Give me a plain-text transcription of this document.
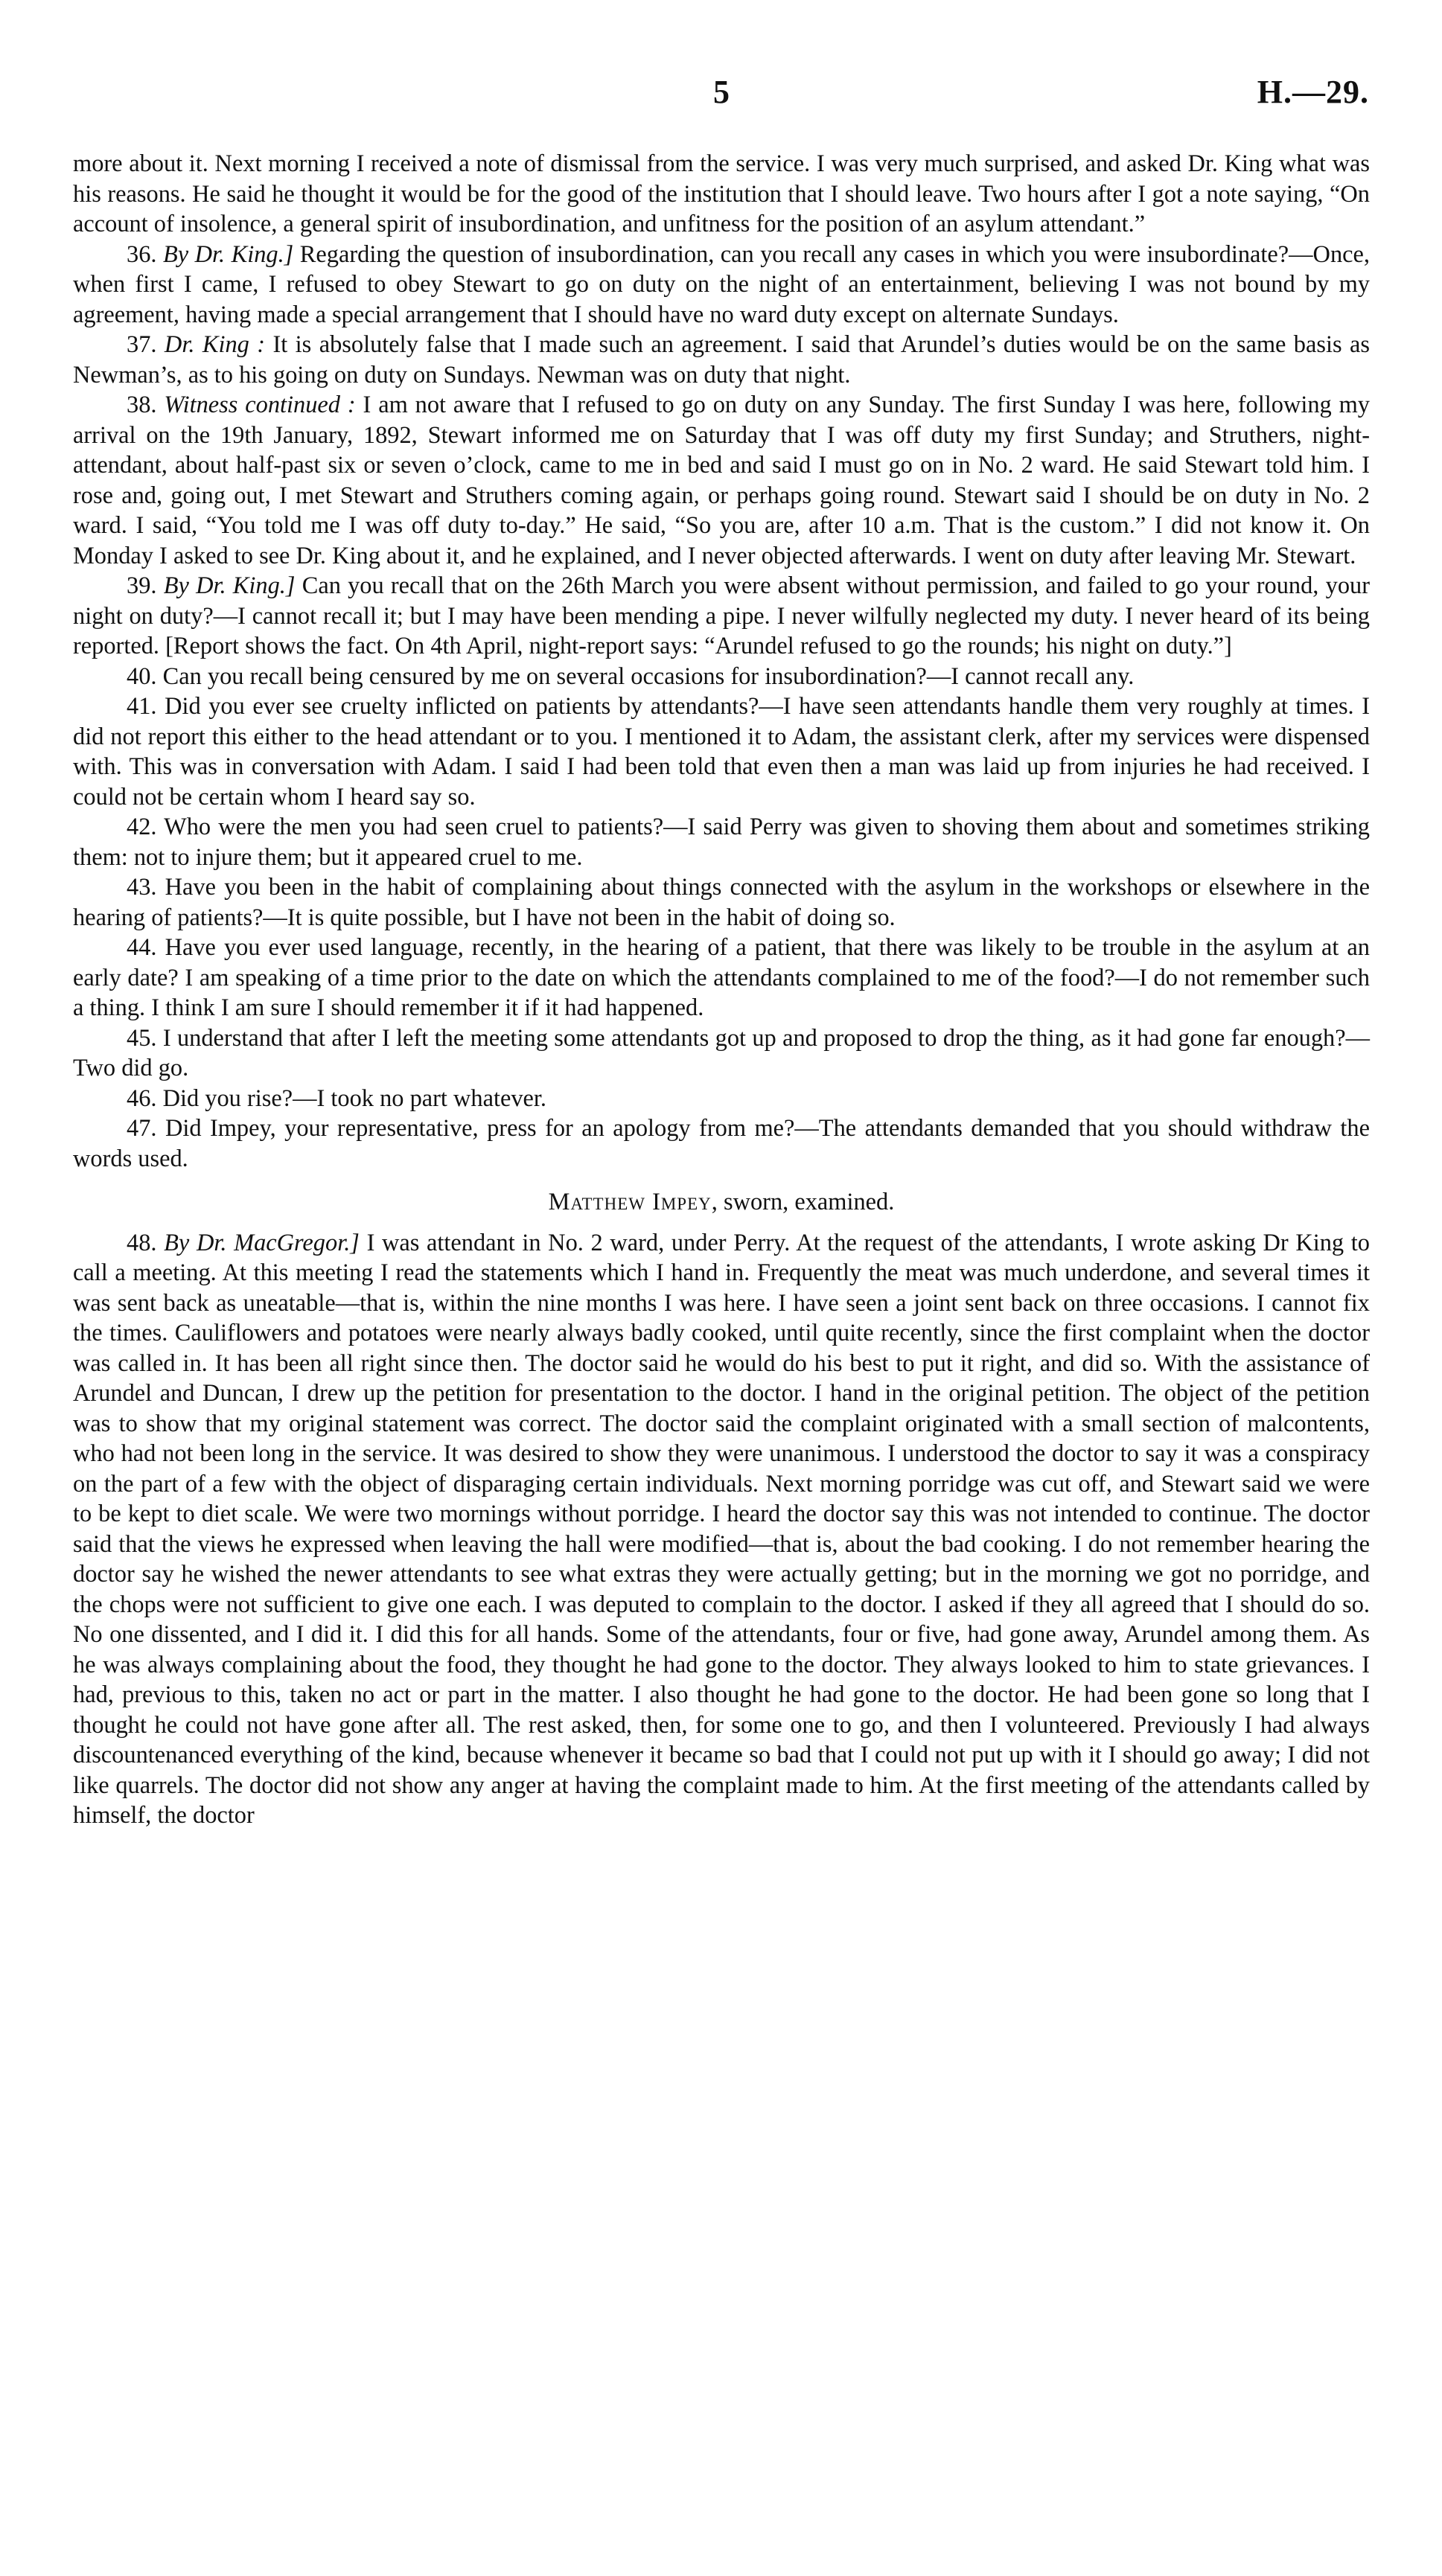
5	H.—29.

more about it. Next morning I received a note of dismissal from the service. I was very much surprised, and asked Dr. King what was his reasons. He said he thought it would be for the good of the institution that I should leave. Two hours after I got a note saying, “On account of insolence, a general spirit of insubordination, and unfitness for the position of an asylum attendant.”

36. By Dr. King.] Regarding the question of insubordination, can you recall any cases in which you were insubordinate?—Once, when first I came, I refused to obey Stewart to go on duty on the night of an entertainment, believing I was not bound by my agreement, having made a special arrangement that I should have no ward duty except on alternate Sundays.

37. Dr. King : It is absolutely false that I made such an agreement. I said that Arundel’s duties would be on the same basis as Newman’s, as to his going on duty on Sundays. Newman was on duty that night.

38. Witness continued : I am not aware that I refused to go on duty on any Sunday. The first Sunday I was here, following my arrival on the 19th January, 1892, Stewart informed me on Saturday that I was off duty my first Sunday; and Struthers, night-attendant, about half-past six or seven o’clock, came to me in bed and said I must go on in No. 2 ward. He said Stewart told him. I rose and, going out, I met Stewart and Struthers coming again, or perhaps going round. Stewart said I should be on duty in No. 2 ward. I said, “You told me I was off duty to-day.” He said, “So you are, after 10 a.m. That is the custom.” I did not know it. On Monday I asked to see Dr. King about it, and he explained, and I never objected afterwards. I went on duty after leaving Mr. Stewart.

39. By Dr. King.] Can you recall that on the 26th March you were absent without permission, and failed to go your round, your night on duty?—I cannot recall it; but I may have been mending a pipe. I never wilfully neglected my duty. I never heard of its being reported. [Report shows the fact. On 4th April, night-report says: “Arundel refused to go the rounds; his night on duty.”]

40. Can you recall being censured by me on several occasions for insubordination?—I cannot recall any.

41. Did you ever see cruelty inflicted on patients by attendants?—I have seen attendants handle them very roughly at times. I did not report this either to the head attendant or to you. I mentioned it to Adam, the assistant clerk, after my services were dispensed with. This was in conversation with Adam. I said I had been told that even then a man was laid up from injuries he had received. I could not be certain whom I heard say so.

42. Who were the men you had seen cruel to patients?—I said Perry was given to shoving them about and sometimes striking them: not to injure them; but it appeared cruel to me.

43. Have you been in the habit of complaining about things connected with the asylum in the workshops or elsewhere in the hearing of patients?—It is quite possible, but I have not been in the habit of doing so.

44. Have you ever used language, recently, in the hearing of a patient, that there was likely to be trouble in the asylum at an early date? I am speaking of a time prior to the date on which the attendants complained to me of the food?—I do not remember such a thing. I think I am sure I should remember it if it had happened.

45. I understand that after I left the meeting some attendants got up and proposed to drop the thing, as it had gone far enough?—Two did go.

46. Did you rise?—I took no part whatever.

47. Did Impey, your representative, press for an apology from me?—The attendants demanded that you should withdraw the words used.

Matthew Impey, sworn, examined.

48. By Dr. MacGregor.] I was attendant in No. 2 ward, under Perry. At the request of the attendants, I wrote asking Dr King to call a meeting. At this meeting I read the statements which I hand in. Frequently the meat was much underdone, and several times it was sent back as uneatable—that is, within the nine months I was here. I have seen a joint sent back on three occasions. I cannot fix the times. Cauliflowers and potatoes were nearly always badly cooked, until quite recently, since the first complaint when the doctor was called in. It has been all right since then. The doctor said he would do his best to put it right, and did so. With the assistance of Arundel and Duncan, I drew up the petition for presentation to the doctor. I hand in the original petition. The object of the petition was to show that my original statement was correct. The doctor said the complaint originated with a small section of malcontents, who had not been long in the service. It was desired to show they were unanimous. I understood the doctor to say it was a conspiracy on the part of a few with the object of disparaging certain individuals. Next morning porridge was cut off, and Stewart said we were to be kept to diet scale. We were two mornings without porridge. I heard the doctor say this was not intended to continue. The doctor said that the views he expressed when leaving the hall were modified—that is, about the bad cooking. I do not remember hearing the doctor say he wished the newer attendants to see what extras they were actually getting; but in the morning we got no porridge, and the chops were not sufficient to give one each. I was deputed to complain to the doctor. I asked if they all agreed that I should do so. No one dissented, and I did it. I did this for all hands. Some of the attendants, four or five, had gone away, Arundel among them. As he was always complaining about the food, they thought he had gone to the doctor. They always looked to him to state grievances. I had, previous to this, taken no act or part in the matter. I also thought he had gone to the doctor. He had been gone so long that I thought he could not have gone after all. The rest asked, then, for some one to go, and then I volunteered. Previously I had always discountenanced everything of the kind, because whenever it became so bad that I could not put up with it I should go away; I did not like quarrels. The doctor did not show any anger at having the complaint made to him. At the first meeting of the attendants called by himself, the doctor
